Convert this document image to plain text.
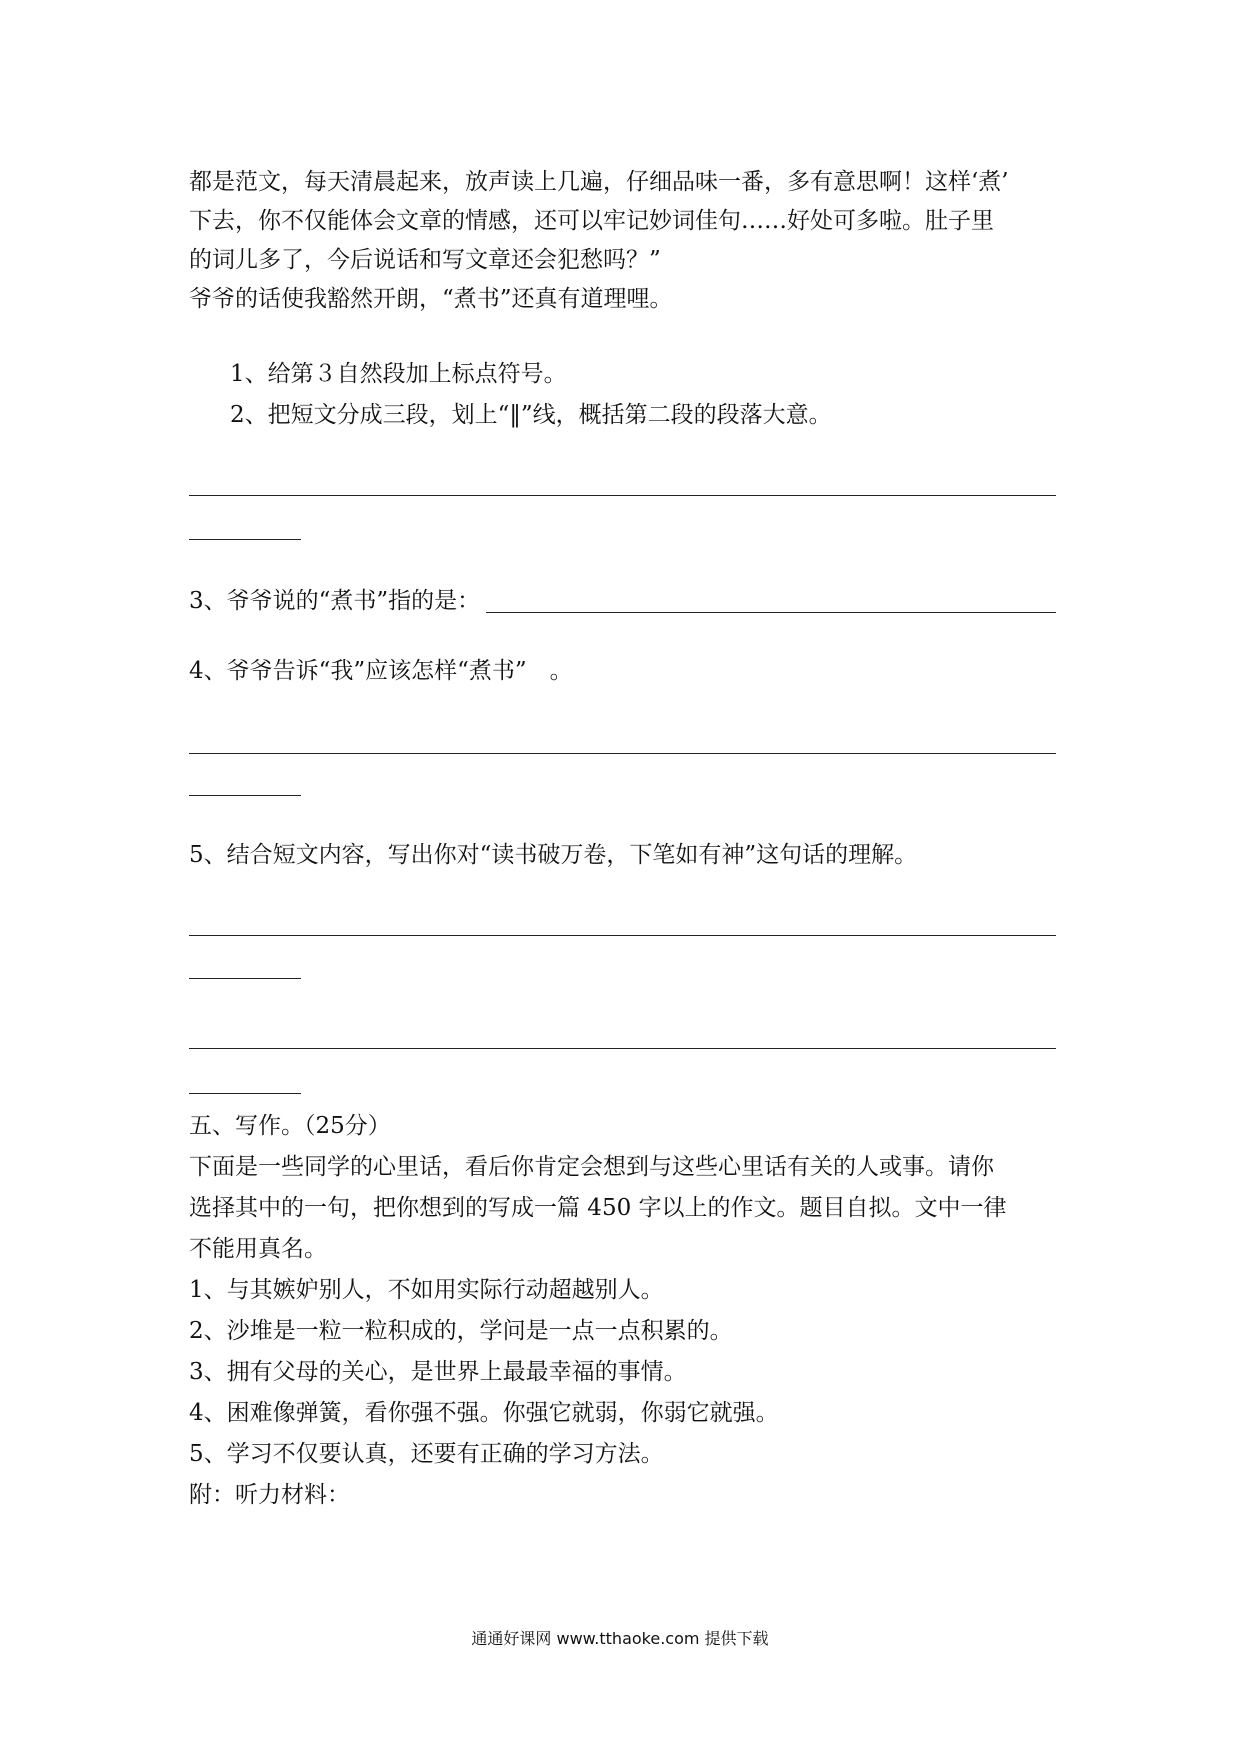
都是范文，每天清晨起来，放声读上几遍，仔细品味一番，多有意思啊！这样‘煮’

下去，你不仅能体会文章的情感，还可以牢记妙词佳句……好处可多啦。肚子里

的词儿多了，今后说话和写文章还会犯愁吗？”

爷爷的话使我豁然开朗，“煮书”还真有道理哩。

1、给第３自然段加上标点符号。

2、把短文分成三段，划上“‖”线，概括第二段的段落大意。

3、爷爷说的“煮书”指的是：

4、爷爷告诉“我”应该怎样“煮书”　。

5、结合短文内容，写出你对“读书破万卷，下笔如有神”这句话的理解。

五、写作。（25分）

下面是一些同学的心里话，看后你肯定会想到与这些心里话有关的人或事。请你

选择其中的一句，把你想到的写成一篇 450 字以上的作文。题目自拟。文中一律

不能用真名。

1、与其嫉妒别人，不如用实际行动超越别人。

2、沙堆是一粒一粒积成的，学问是一点一点积累的。

3、拥有父母的关心，是世界上最最幸福的事情。

4、困难像弹簧，看你强不强。你强它就弱，你弱它就强。

5、学习不仅要认真，还要有正确的学习方法。

附：听力材料：

通通好课网 www.tthaoke.com 提供下载
